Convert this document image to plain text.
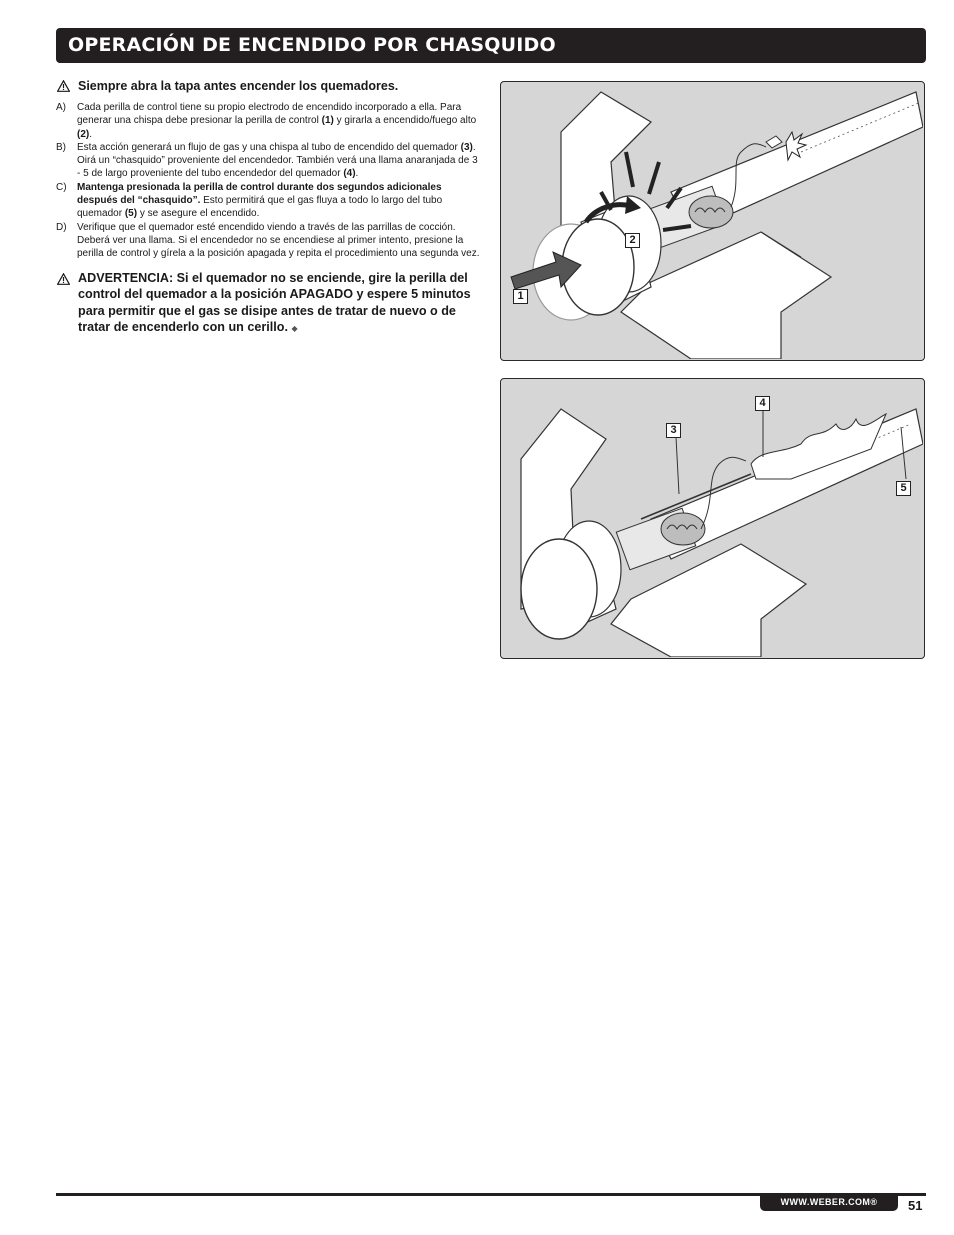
OPERACIÓN DE ENCENDIDO POR CHASQUIDO
Siempre abra la tapa antes encender los quemadores.
A)	Cada perilla de control tiene su propio electrodo de encendido incorporado a ella. Para generar una chispa debe presionar la perilla de control (1) y girarla a encendido/fuego alto (2).
B)	Esta acción generará un flujo de gas y una chispa al tubo de encendido del quemador (3). Oirá un “chasquido” proveniente del encendedor. También verá una llama anaranjada de 3 - 5 de largo proveniente del tubo encendedor del quemador (4).
C)	Mantenga presionada la perilla de control durante dos segundos adicionales después del “chasquido”. Esto permitirá que el gas fluya a todo lo largo del tubo quemador (5) y se asegure el encendido.
D)	Verifique que el quemador esté encendido viendo a través de las parrillas de cocción. Deberá ver una llama. Si el encendedor no se encendiese al primer intento, presione la perilla de control y gírela a la posición apagada y repita el procedimiento una segunda vez.
ADVERTENCIA: Si el quemador no se enciende, gire la perilla del control del quemador a la posición APAGADO y espere 5 minutos para permitir que el gas se disipe antes de tratar de nuevo o de tratar de encenderlo con un cerillo. ◆
2
1
3
4
5
WWW.WEBER.COM®	51
